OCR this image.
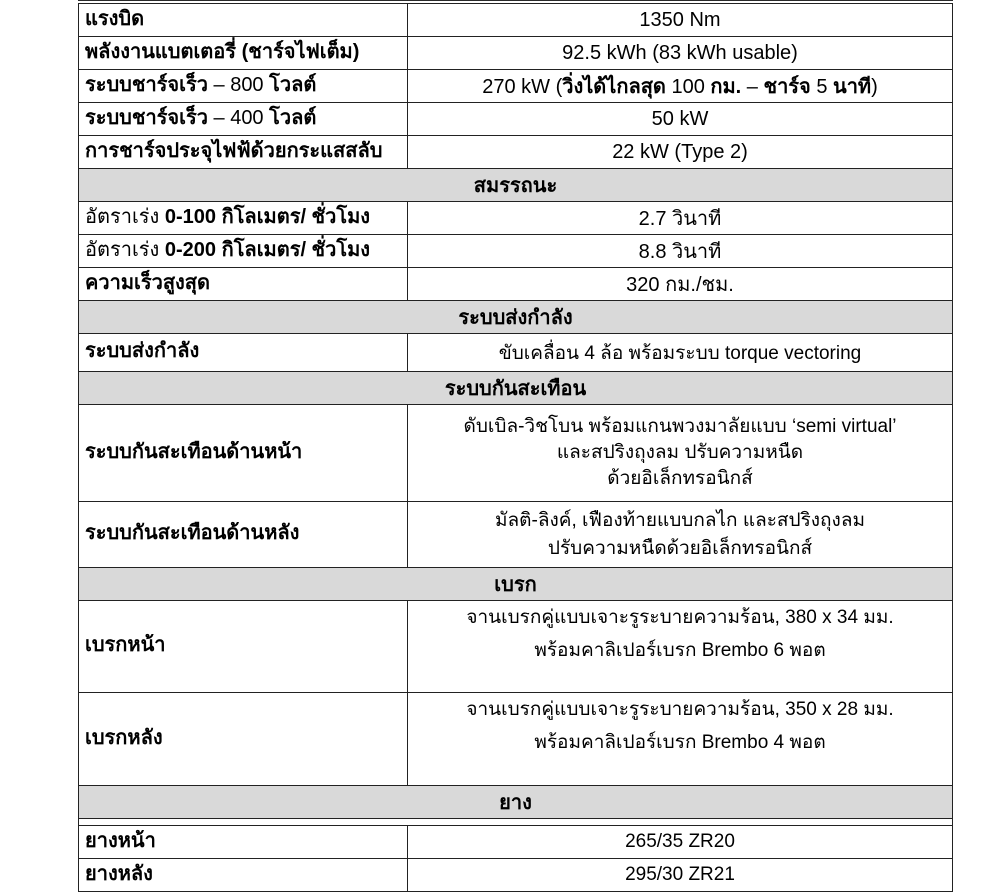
แรงบิด	1350 Nm

พลังงานแบตเตอรี่ (ชาร์จไฟเต็ม)	92.5 kWh (83 kWh usable)

ระบบชาร์จเร็ว – 800 โวลต์	270 kW (วิ่งได้ไกลสุด 100 กม. – ชาร์จ 5 นาที)

ระบบชาร์จเร็ว – 400 โวลต์	50 kW

การชาร์จประจุไฟฟ้ด้วยกระแสสลับ	22 kW (Type 2)

สมรรถนะ	
อัตราเร่ง 0-100 กิโลเมตร/ ชั่วโมง	2.7 วินาที

อัตราเร่ง 0-200 กิโลเมตร/ ชั่วโมง	8.8 วินาที

ความเร็วสูงสุด	320 กม./ชม.

ระบบส่งกำลัง	
ระบบส่งกำลัง	ขับเคลื่อน 4 ล้อ พร้อมระบบ torque vectoring

ระบบกันสะเทือน	
ระบบกันสะเทือนด้านหน้า	ดับเบิล-วิชโบน พร้อมแกนพวงมาลัยแบบ ‘semi virtual’
และสปริงถุงลม ปรับความหนืด
ด้วยอิเล็กทรอนิกส์

ระบบกันสะเทือนด้านหลัง	มัลติ-ลิงค์, เฟืองท้ายแบบกลไก และสปริงถุงลม
ปรับความหนืดด้วยอิเล็กทรอนิกส์

เบรก	
เบรกหน้า	จานเบรกคู่แบบเจาะรูระบายความร้อน, 380 x 34 มม.
พร้อมคาลิเปอร์เบรก Brembo 6 พอต

เบรกหลัง	จานเบรกคู่แบบเจาะรูระบายความร้อน, 350 x 28 มม.
พร้อมคาลิเปอร์เบรก Brembo 4 พอต

ยาง	

ยางหน้า	265/35 ZR20

ยางหลัง	295/30 ZR21
